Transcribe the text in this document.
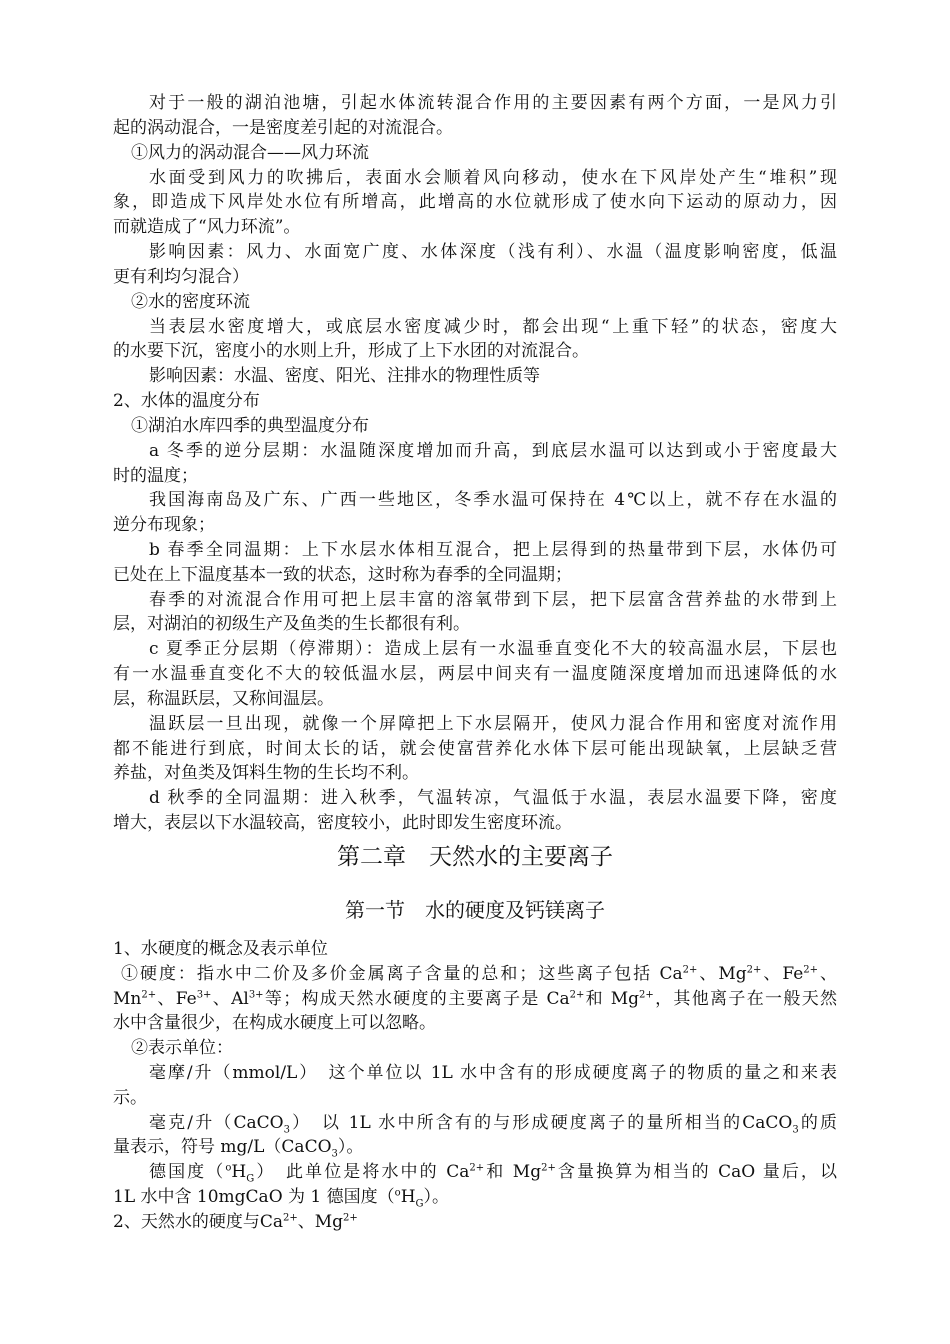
对于一般的湖泊池塘，引起水体流转混合作用的主要因素有两个方面，一是风力引
起的涡动混合，一是密度差引起的对流混合。
①风力的涡动混合——风力环流
水面受到风力的吹拂后，表面水会顺着风向移动，使水在下风岸处产生“堆积”现
象，即造成下风岸处水位有所增高，此增高的水位就形成了使水向下运动的原动力，因
而就造成了“风力环流”。
影响因素：风力、水面宽广度、水体深度（浅有利）、水温（温度影响密度，低温
更有利均匀混合）
②水的密度环流
当表层水密度增大，或底层水密度减少时，都会出现“上重下轻”的状态，密度大
的水要下沉，密度小的水则上升，形成了上下水团的对流混合。
影响因素：水温、密度、阳光、注排水的物理性质等
2、水体的温度分布
①湖泊水库四季的典型温度分布
a 冬季的逆分层期：水温随深度增加而升高，到底层水温可以达到或小于密度最大
时的温度；
我国海南岛及广东、广西一些地区，冬季水温可保持在 4℃以上，就不存在水温的
逆分布现象；
b 春季全同温期：上下水层水体相互混合，把上层得到的热量带到下层，水体仍可
已处在上下温度基本一致的状态，这时称为春季的全同温期；
春季的对流混合作用可把上层丰富的溶氧带到下层，把下层富含营养盐的水带到上
层，对湖泊的初级生产及鱼类的生长都很有利。
c 夏季正分层期（停滞期）：造成上层有一水温垂直变化不大的较高温水层，下层也
有一水温垂直变化不大的较低温水层，两层中间夹有一温度随深度增加而迅速降低的水
层，称温跃层，又称间温层。
温跃层一旦出现，就像一个屏障把上下水层隔开，使风力混合作用和密度对流作用
都不能进行到底，时间太长的话，就会使富营养化水体下层可能出现缺氧，上层缺乏营
养盐，对鱼类及饵料生物的生长均不利。
d 秋季的全同温期：进入秋季，气温转凉，气温低于水温，表层水温要下降，密度
增大，表层以下水温较高，密度较小，此时即发生密度环流。
第二章　天然水的主要离子
第一节　水的硬度及钙镁离子
1、水硬度的概念及表示单位
①硬度：指水中二价及多价金属离子含量的总和；这些离子包括 $Ca^{2+}$、$Mg^{2+}$、$Fe^{2+}$、
$Mn^{2+}$、$Fe^{3+}$、$Al^{3+}$等；构成天然水硬度的主要离子是 $Ca^{2+}$和 $Mg^{2+}$，其他离子在一般天然
水中含量很少，在构成水硬度上可以忽略。
②表示单位：
毫摩/升（mmol/L）　这个单位以 1L 水中含有的形成硬度离子的物质的量之和来表
示。
毫克/升（CaCO$_3$）　以 1L 水中所含有的与形成硬度离子的量所相当的CaCO$_3$的质
量表示，符号 mg/L（CaCO$_3$）。
德国度$(^oH_G)$　此单位是将水中的 $Ca^{2+}$和 $Mg^{2+}$含量换算为相当的 CaO 量后，以
1L 水中含 10mgCaO 为 1 德国度$(^oH_G)$。
2、天然水的硬度与$Ca^{2+}$、$Mg^{2+}$
